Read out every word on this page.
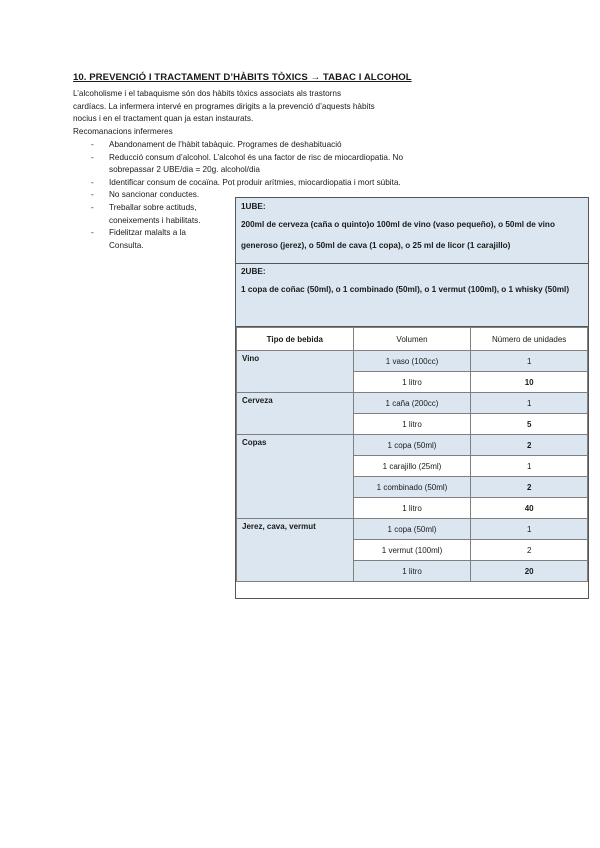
10. PREVENCIÓ I TRACTAMENT D’HÀBITS TÒXICS → TABAC I ALCOHOL
L’alcoholisme i el tabaquisme són dos hàbits tòxics associats als trastorns
cardíacs. La infermera intervé en programes dirigits a la prevenció d’aquests hàbits
nocius i en el tractament quan ja estan instaurats.
Recomanacions infermeres
- Abandonament de l’hàbit tabàquic. Programes de deshabituació
- Reducció consum d’alcohol. L’alcohol és una factor de risc de miocardiopatia. No
sobrepassar 2 UBE/dia = 20g. alcohol/dia
- Identificar consum de cocaïna. Pot produir arítmies, miocardiopatia i mort súbita.
- No sancionar conductes.
- Treballar sobre actituds,
coneixements i habilitats.
- Fidelitzar malalts a la
Consulta.
1UBE:
200ml de cerveza (caña o quinto)o 100ml de vino (vaso pequeño), o 50ml de vino generoso (jerez), o 50ml de cava (1 copa), o 25 ml de licor (1 carajillo)
2UBE:
1 copa de coñac (50ml), o 1 combinado (50ml), o 1 vermut (100ml), o 1 whisky (50ml)
Tipo de bebida	Volumen	Número de unidades
Vino	1 vaso (100cc)	1
	1 litro	10
Cerveza	1 caña (200cc)	1
	1 litro	5
Copas	1 copa (50ml)	2
	1 carajillo (25ml)	1
	1 combinado (50ml)	2
	1 litro	40
Jerez, cava, vermut	1 copa (50ml)	1
	1 vermut (100ml)	2
	1 litro	20
